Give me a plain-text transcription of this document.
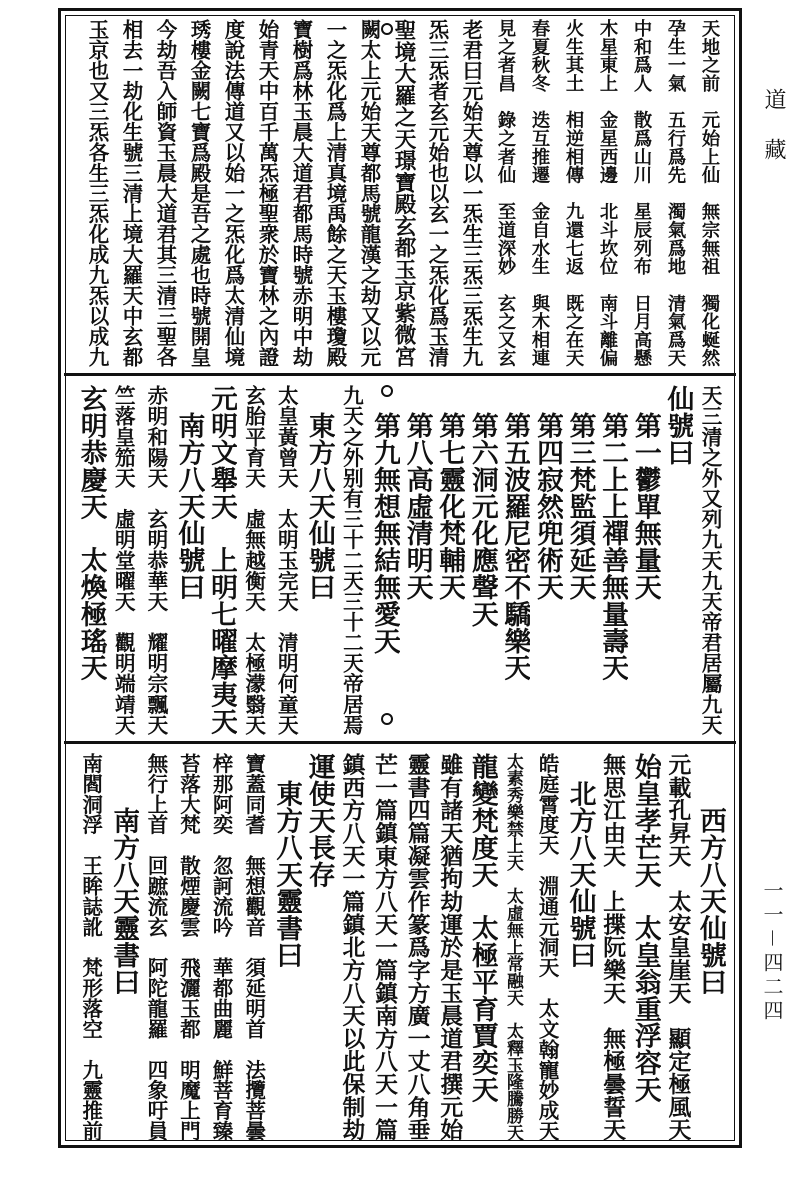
天地之前　元始上仙　無宗無祖　獨化蜒然
孕生一氣　五行爲先　濁氣爲地　清氣爲天
中和爲人　散爲山川　星辰列布　日月高懸
木星東上　金星西邊　北斗坎位　南斗離偏
火生其土　相逆相傳　九還七返　既之在天
春夏秋冬　迭互推遷　金自水生　與木相連
見之者昌　錄之者仙　至道深妙　玄之又玄
老君曰元始天尊以一炁生三炁三炁生九
炁三炁者玄元始也以玄一之炁化爲玉清
聖境大羅之天璟寶殿玄都玉京紫微宮
闕太上元始天尊都馬號龍漢之劫又以元
一之炁化爲上清真境禹餘之天玉樓瓊殿
寶樹爲林玉晨大道君都馬時號赤明中劫
始青天中百千萬炁極聖衆於寶林之內證
度說法傳道又以始一之炁化爲太清仙境
琇樓金闕七寶爲殿是吾之處也時號開皇
今劫吾入師資玉晨大道君其三清三聖各
相去一劫化生號三清上境大羅天中玄都
玉京也又三炁各生三炁化成九炁以成九
天三清之外又列九天九天帝君居屬九天
仙號曰
　第一鬱單無量天
　第二上上禪善無量壽天
　第三梵監須延天
　第四寂然兜術天
　第五波羅尼密不驕樂天
　第六洞元化應聲天
　第七靈化梵輔天
　第八高虛清明天
　第九無想無結無愛天
九天之外别有三十二天三十二天帝居焉
　東方八天仙號曰
太皇黃曾天　太明玉完天　清明何童天
玄胎平育天　虛無越衡天　太極濛翳天
元明文舉天　上明七曜摩夷天
　南方八天仙號曰
赤明和陽天　玄明恭華天　耀明宗飄天
竺落皇笳天　虛明堂曜天　觀明端靖天
玄明恭慶天　太煥極瑤天
　　西方八天仙號曰
元載孔昇天　太安皇崖天　顯定極風天
始皇孝芒天　太皇翁重浮容天
無思江由天　上揲阮樂天　無極曇誓天
　北方八天仙號曰
皓庭霄度天　淵通元洞天　太文翰寵妙成天
太素秀樂禁上天　太虛無上常融天　太釋玉隆騰勝天
龍變梵度天　太極平育賈奕天
雖有諸天猶拘劫運於是玉晨道君撰元始
靈書四篇凝雲作篆爲字方廣一丈八角垂
芒一篇鎮東方八天一篇鎮南方八天一篇
鎮西方八天一篇鎮北方八天以此保制劫
運使天長存
　東方八天靈書曰
寶蓋同耆　無想觀音　須延明首　法攬菩曇
梓那阿奕　忽訶流吟　華都曲麗　鮮菩育臻
苔落大梵　散煙慶雲　飛灑玉都　明魔上門
無行上首　回蹠流玄　阿陀龍羅　四象吁員
　　南方八天靈書曰
南閻洞浮　王眸誌訛　梵形落空　九靈推前
道藏
一一－四二四
